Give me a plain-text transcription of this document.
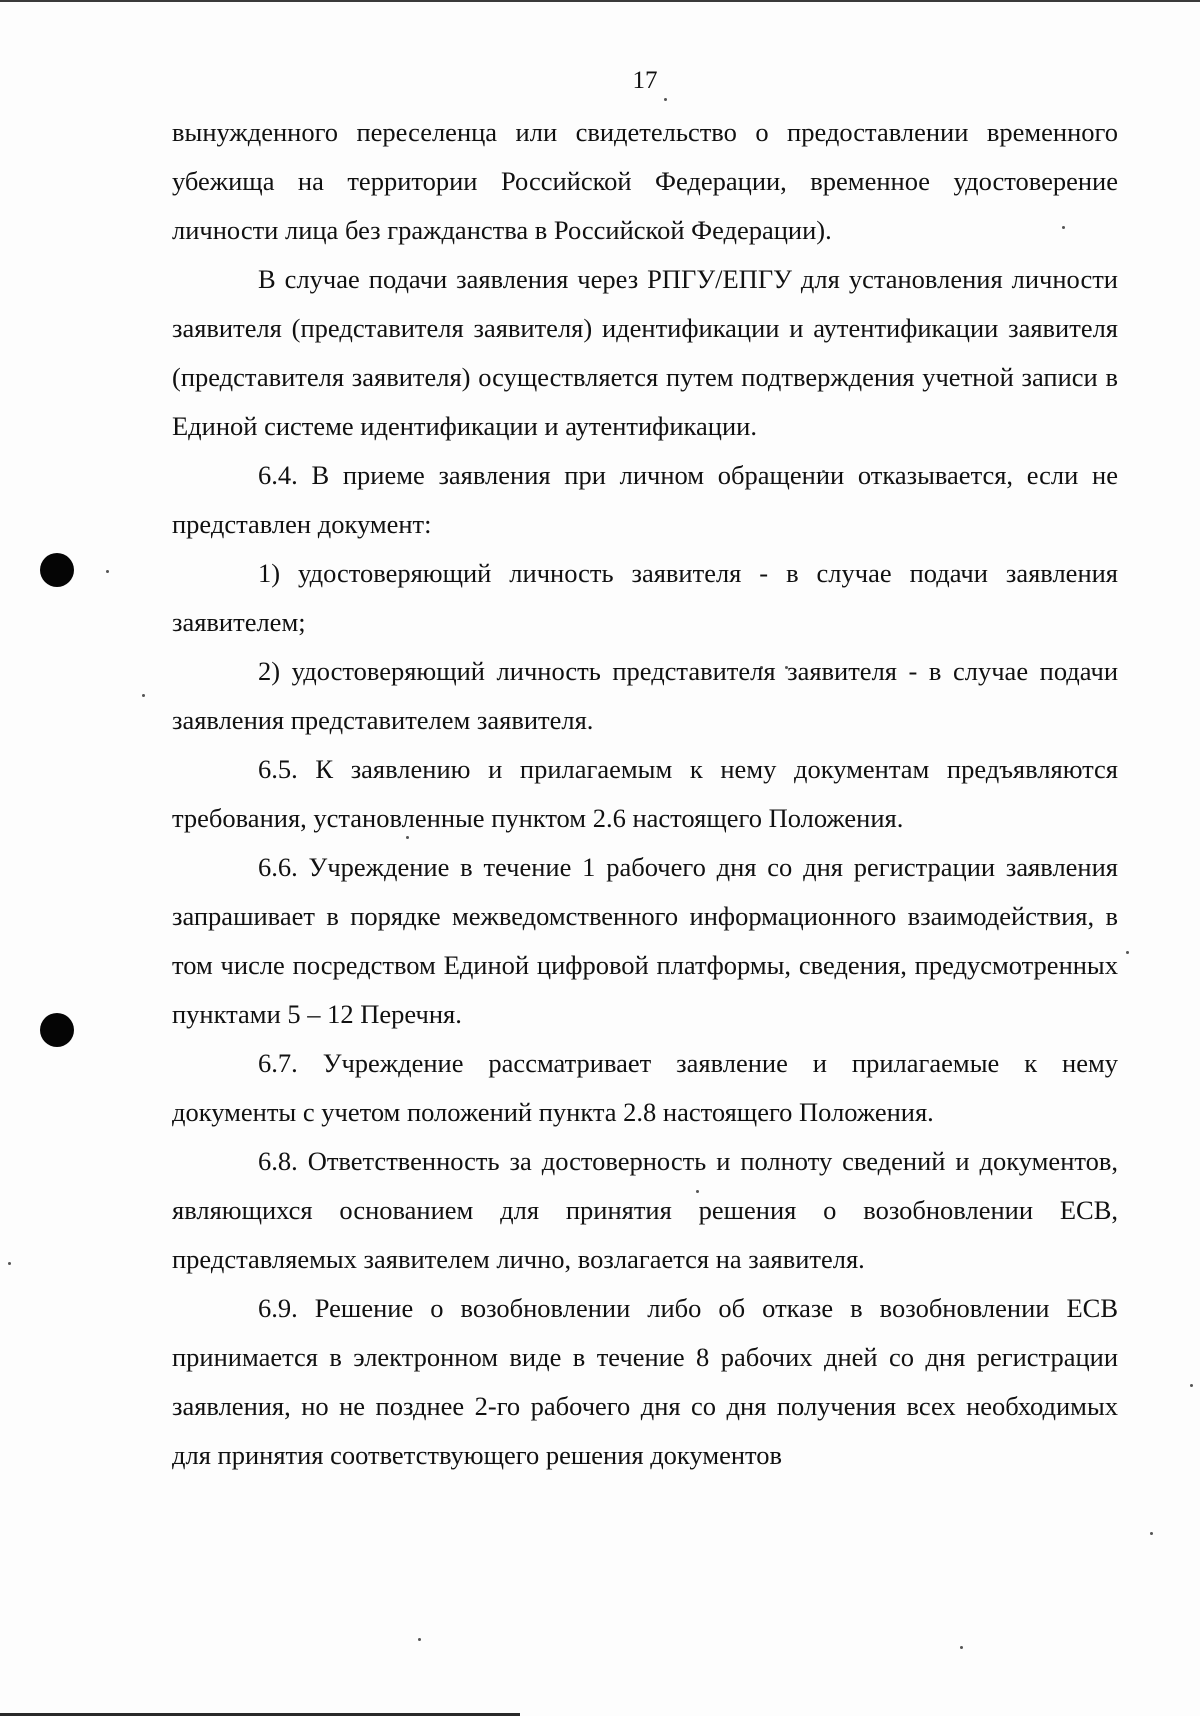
17

вынужденного переселенца или свидетельство о предоставлении временного убежища на территории Российской Федерации, временное удостоверение личности лица без гражданства в Российской Федерации).

В случае подачи заявления через РПГУ/ЕПГУ для установления личности заявителя (представителя заявителя) идентификации и аутентификации заявителя (представителя заявителя) осуществляется путем подтверждения учетной записи в Единой системе идентификации и аутентификации.

6.4. В приеме заявления при личном обращении отказывается, если не представлен документ:

1) удостоверяющий личность заявителя - в случае подачи заявления заявителем;

2) удостоверяющий личность представителя заявителя - в случае подачи заявления представителем заявителя.

6.5. К заявлению и прилагаемым к нему документам предъявляются требования, установленные пунктом 2.6 настоящего Положения.

6.6. Учреждение в течение 1 рабочего дня со дня регистрации заявления запрашивает в порядке межведомственного информационного взаимодействия, в том числе посредством Единой цифровой платформы, сведения, предусмотренных пунктами 5 – 12 Перечня.

6.7. Учреждение рассматривает заявление и прилагаемые к нему документы с учетом положений пункта 2.8 настоящего Положения.

6.8. Ответственность за достоверность и полноту сведений и документов, являющихся основанием для принятия решения о возобновлении ЕСВ, представляемых заявителем лично, возлагается на заявителя.

6.9. Решение о возобновлении либо об отказе в возобновлении ЕСВ принимается в электронном виде в течение 8 рабочих дней со дня регистрации заявления, но не позднее 2-го рабочего дня со дня получения всех необходимых для принятия соответствующего решения документов
